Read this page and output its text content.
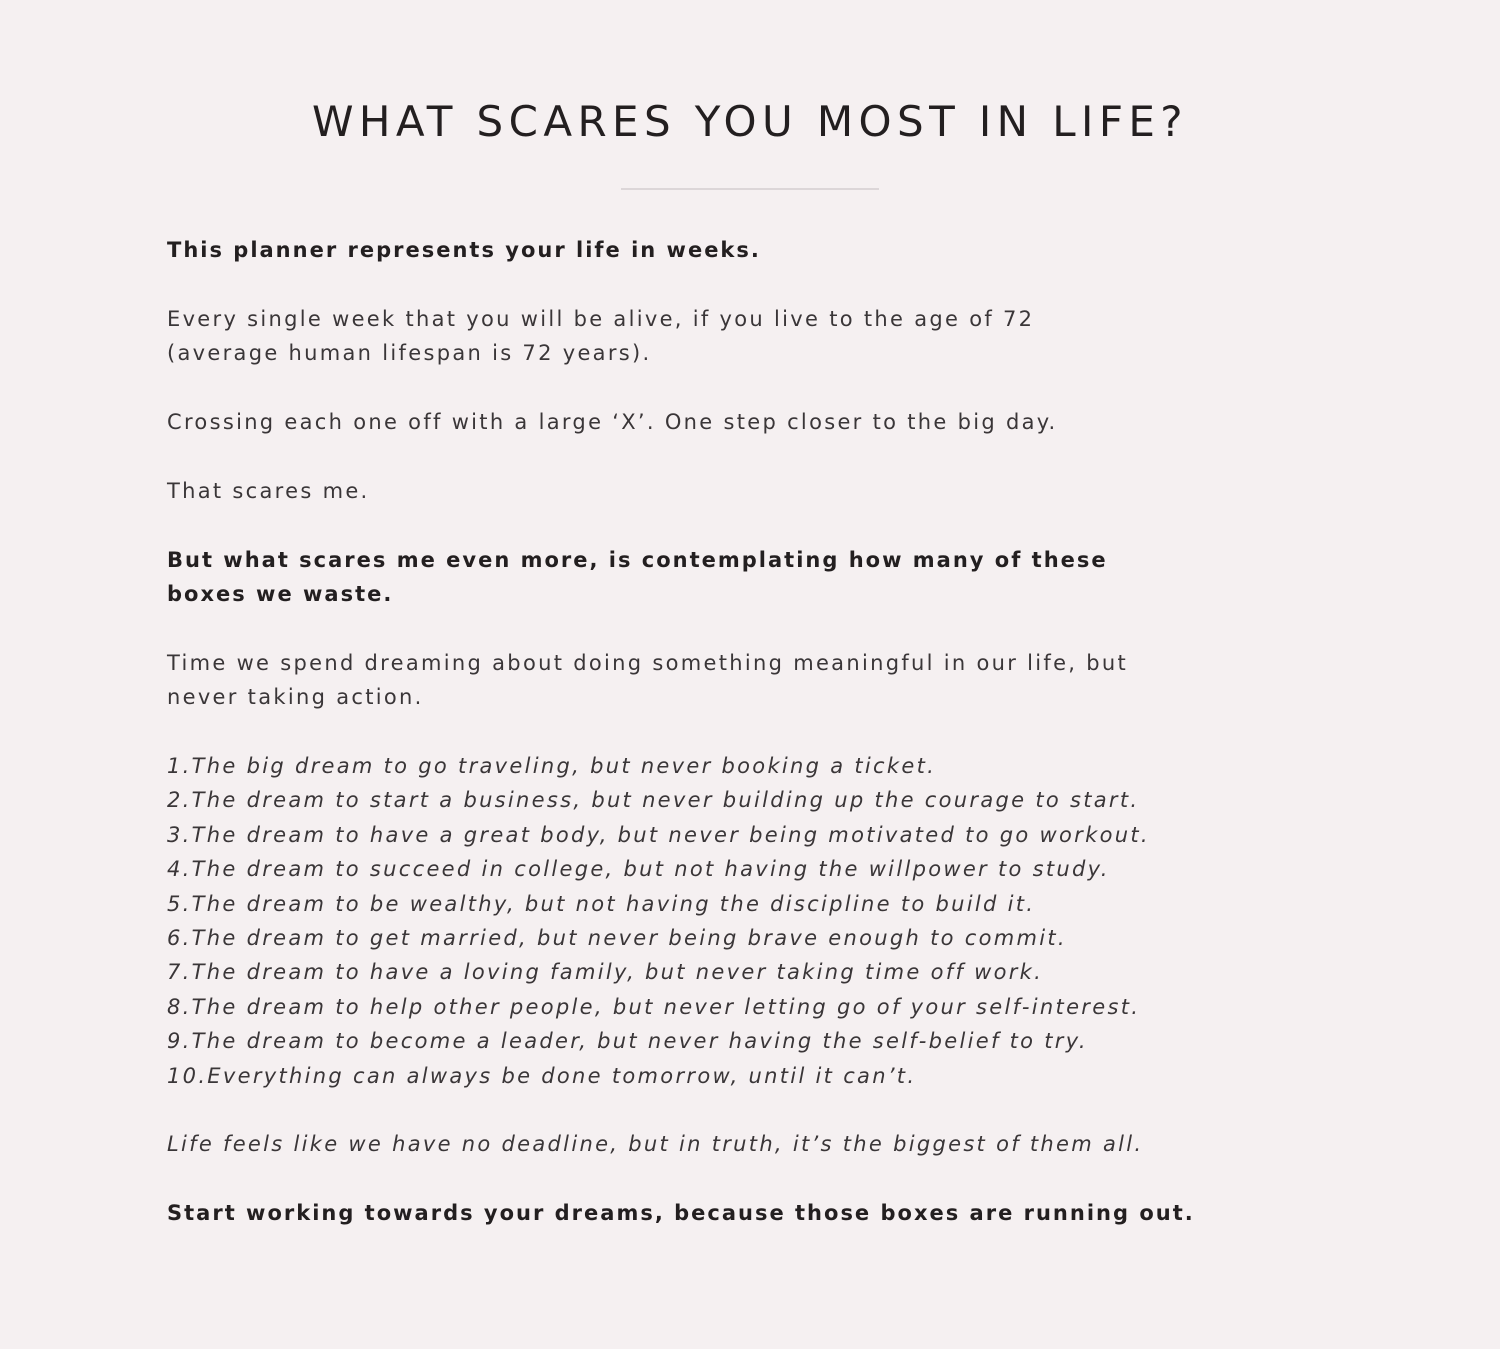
WHAT SCARES YOU MOST IN LIFE?

This planner represents your life in weeks.

Every single week that you will be alive, if you live to the age of 72
(average human lifespan is 72 years).

Crossing each one off with a large ‘X’. One step closer to the big day.

That scares me.

But what scares me even more, is contemplating how many of these
boxes we waste.

Time we spend dreaming about doing something meaningful in our life, but
never taking action.

1.The big dream to go traveling, but never booking a ticket.
2.The dream to start a business, but never building up the courage to start.
3.The dream to have a great body, but never being motivated to go workout.
4.The dream to succeed in college, but not having the willpower to study.
5.The dream to be wealthy, but not having the discipline to build it.
6.The dream to get married, but never being brave enough to commit.
7.The dream to have a loving family, but never taking time off work.
8.The dream to help other people, but never letting go of your self-interest.
9.The dream to become a leader, but never having the self-belief to try.
10.Everything can always be done tomorrow, until it can’t.

Life feels like we have no deadline, but in truth, it’s the biggest of them all.

Start working towards your dreams, because those boxes are running out.
